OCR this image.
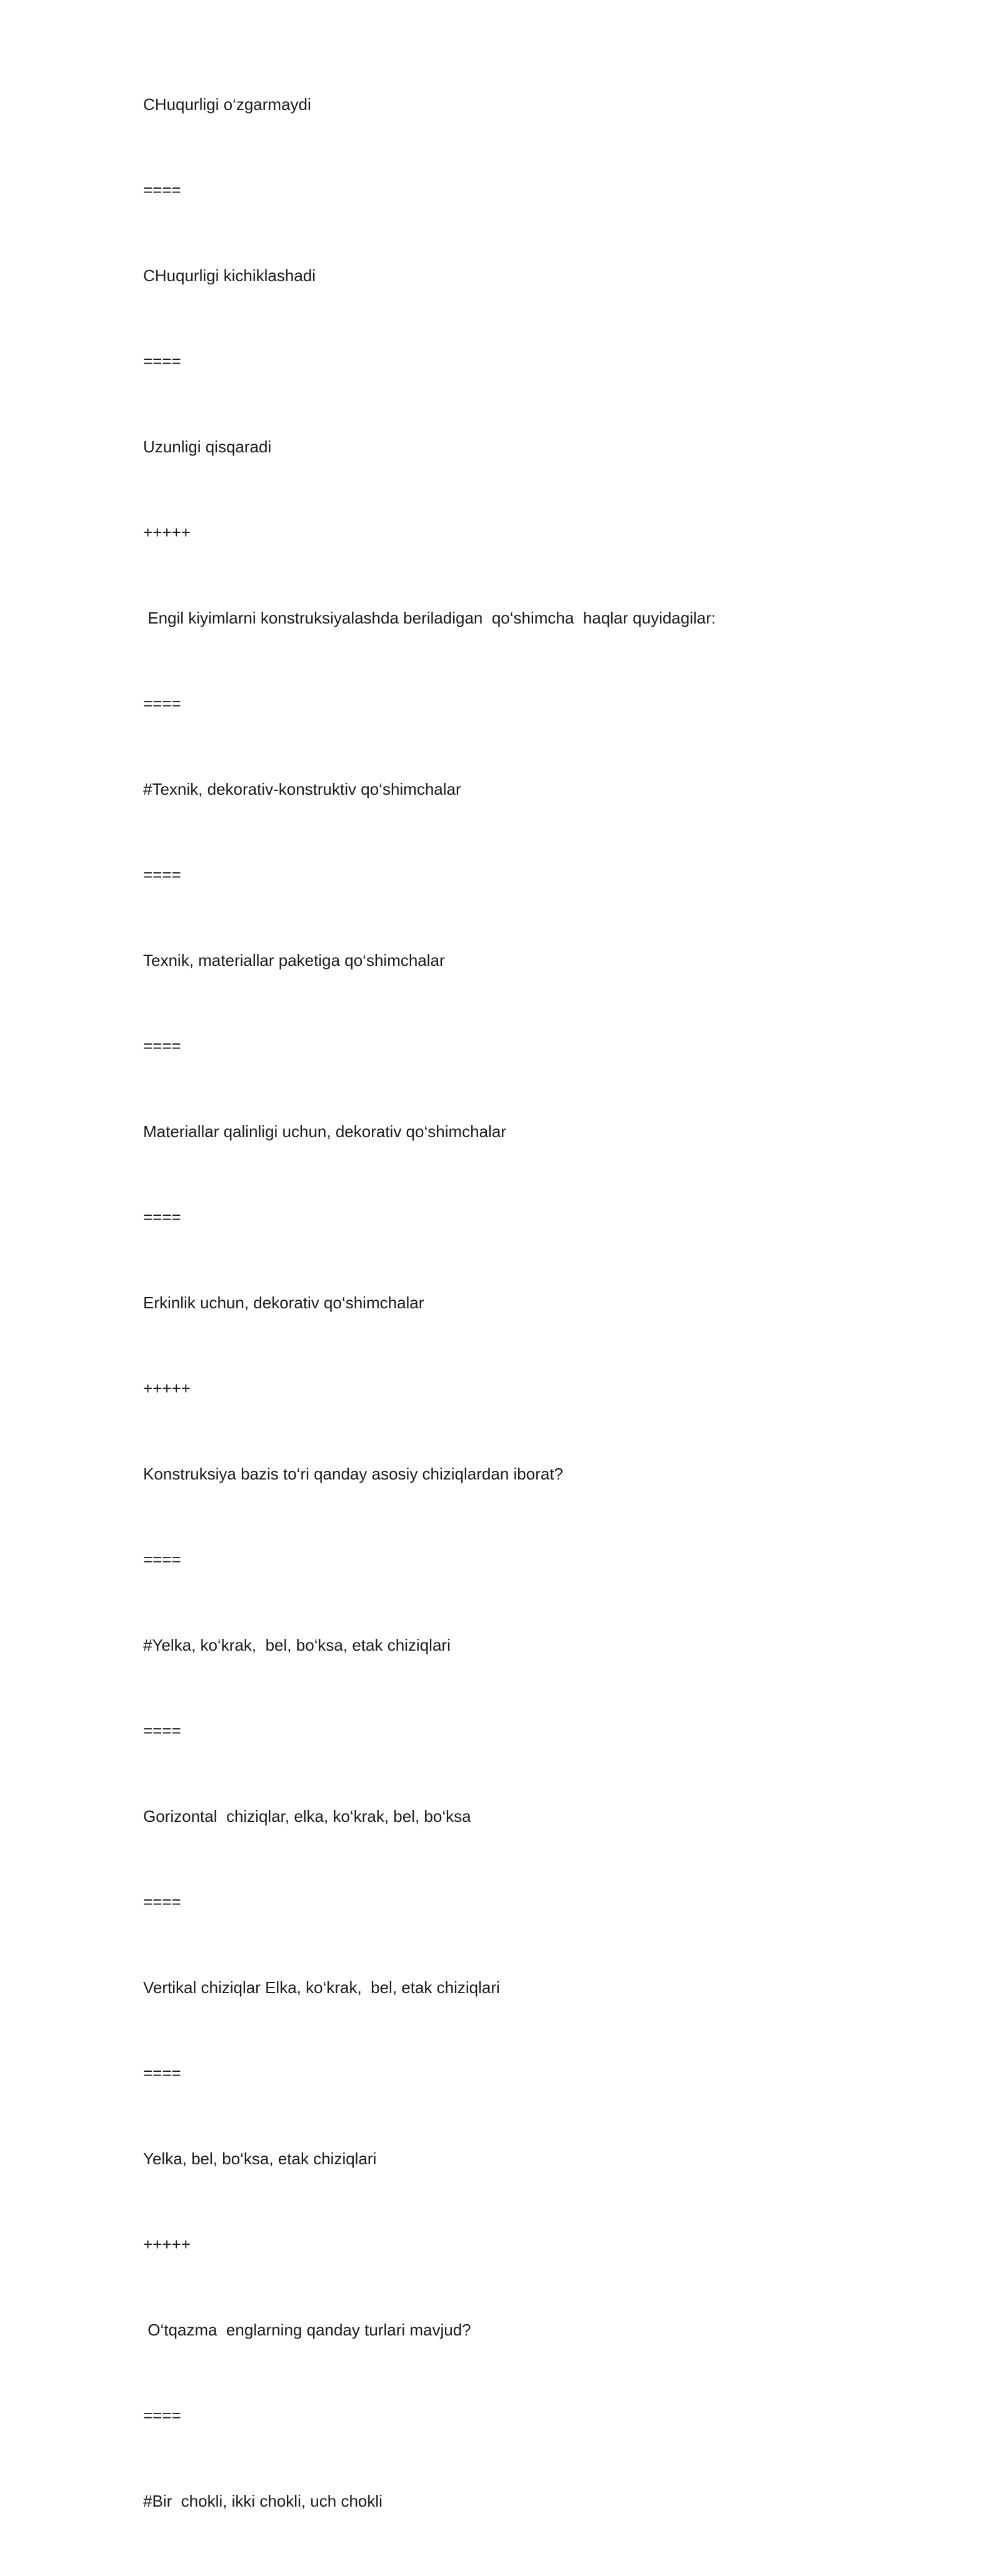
CHuqurligi o‘zgarmaydi
====
CHuqurligi kichiklashadi
====
Uzunligi qisqaradi
+++++
Engil kiyimlarni konstruksiyalashda beriladigan  qo‘shimcha  haqlar quyidagilar:
====
#Texnik, dekorativ-konstruktiv qo‘shimchalar
====
Texnik, materiallar paketiga qo‘shimchalar
====
Materiallar qalinligi uchun, dekorativ qo‘shimchalar
====
Erkinlik uchun, dekorativ qo‘shimchalar
+++++
Konstruksiya bazis to‘ri qanday asosiy chiziqlardan iborat?
====
#Yelka, ko‘krak,  bel, bo‘ksa, etak chiziqlari
====
Gorizontal  chiziqlar, elka, ko‘krak, bel, bo‘ksa
====
Vertikal chiziqlar Elka, ko‘krak,  bel, etak chiziqlari
====
Yelka, bel, bo‘ksa, etak chiziqlari
+++++
O‘tqazma  englarning qanday turlari mavjud?
====
#Bir  chokli, ikki chokli, uch chokli
